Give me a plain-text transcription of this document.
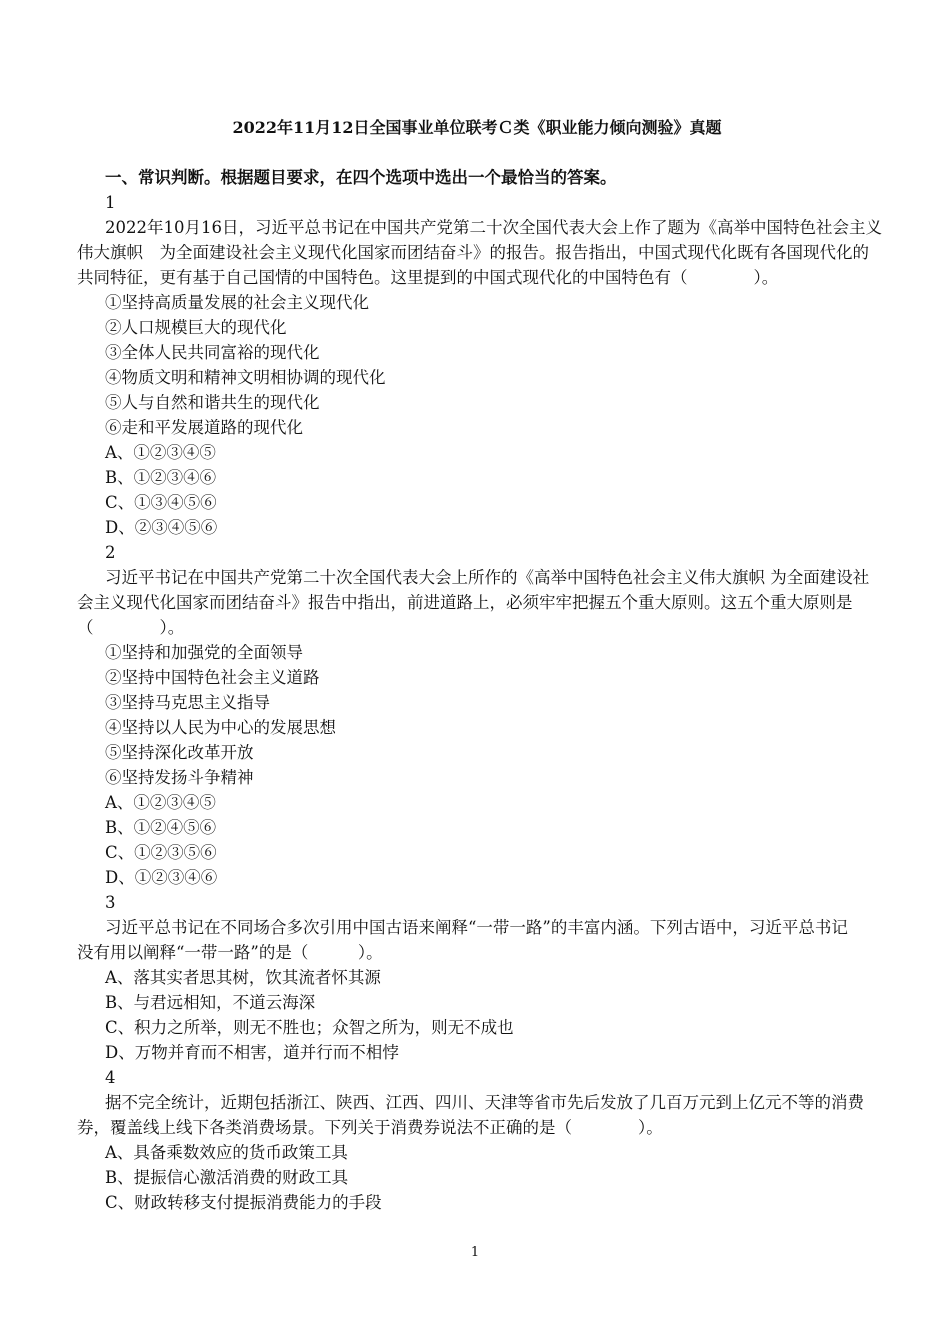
2022年11月12日全国事业单位联考Ｃ类《职业能力倾向测验》真题
一、常识判断。根据题目要求，在四个选项中选出一个最恰当的答案。
1
2022年10月16日，习近平总书记在中国共产党第二十次全国代表大会上作了题为《高举中国特色社会主义
伟大旗帜　为全面建设社会主义现代化国家而团结奋斗》的报告。报告指出，中国式现代化既有各国现代化的
共同特征，更有基于自己国情的中国特色。这里提到的中国式现代化的中国特色有（　　　　）。
①坚持高质量发展的社会主义现代化
②人口规模巨大的现代化
③全体人民共同富裕的现代化
④物质文明和精神文明相协调的现代化
⑤人与自然和谐共生的现代化
⑥走和平发展道路的现代化
A、①②③④⑤
B、①②③④⑥
C、①③④⑤⑥
D、②③④⑤⑥
2
习近平书记在中国共产党第二十次全国代表大会上所作的《高举中国特色社会主义伟大旗帜 为全面建设社
会主义现代化国家而团结奋斗》报告中指出，前进道路上，必须牢牢把握五个重大原则。这五个重大原则是
（　　　　）。
①坚持和加强党的全面领导
②坚持中国特色社会主义道路
③坚持马克思主义指导
④坚持以人民为中心的发展思想
⑤坚持深化改革开放
⑥坚持发扬斗争精神
A、①②③④⑤
B、①②④⑤⑥
C、①②③⑤⑥
D、①②③④⑥
3
习近平总书记在不同场合多次引用中国古语来阐释“一带一路”的丰富内涵。下列古语中，习近平总书记
没有用以阐释“一带一路”的是（　　　）。
A、落其实者思其树，饮其流者怀其源
B、与君远相知，不道云海深
C、积力之所举，则无不胜也；众智之所为，则无不成也
D、万物并育而不相害，道并行而不相悖
4
据不完全统计，近期包括浙江、陕西、江西、四川、天津等省市先后发放了几百万元到上亿元不等的消费
券，覆盖线上线下各类消费场景。下列关于消费券说法不正确的是（　　　　）。
A、具备乘数效应的货币政策工具
B、提振信心激活消费的财政工具
C、财政转移支付提振消费能力的手段
1
